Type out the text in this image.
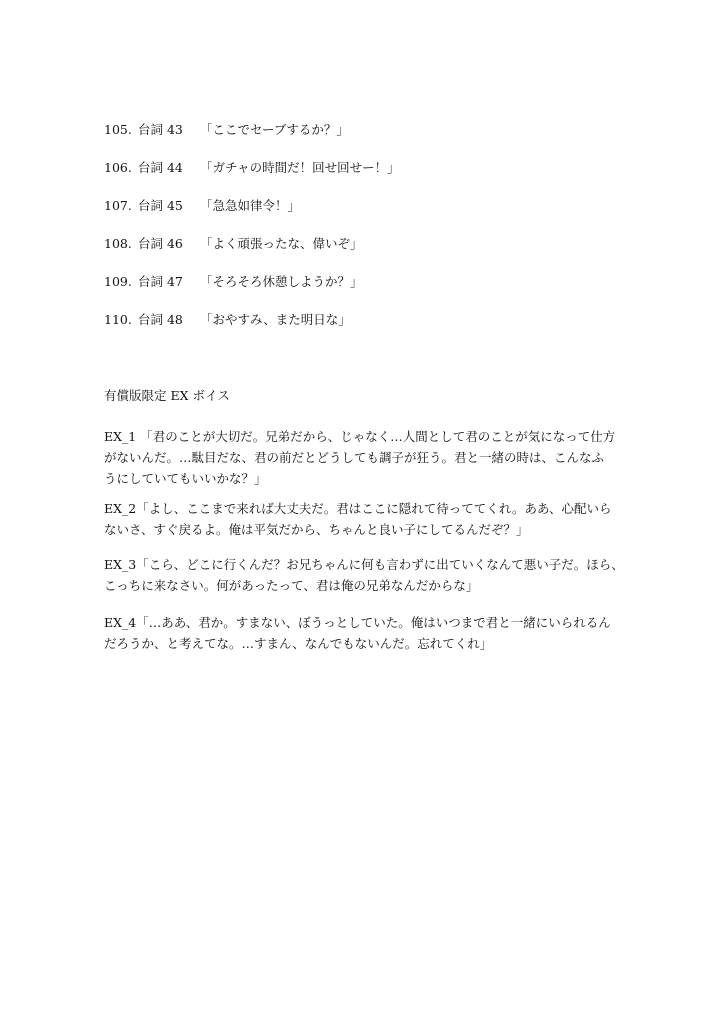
105. 台詞 43	「ここでセーブするか？」
106. 台詞 44	「ガチャの時間だ！回せ回せー！」
107. 台詞 45	「急急如律令！」
108. 台詞 46	「よく頑張ったな、偉いぞ」
109. 台詞 47	「そろそろ休憩しようか？」
110. 台詞 48	「おやすみ、また明日な」
有償版限定 EX ボイス
EX_1 「君のことが大切だ。兄弟だから、じゃなく…人間として君のことが気になって仕方
がないんだ。…駄目だな、君の前だとどうしても調子が狂う。君と一緒の時は、こんなふ
うにしていてもいいかな？」
EX_2「よし、ここまで来れば大丈夫だ。君はここに隠れて待っててくれ。ああ、心配いら
ないさ、すぐ戻るよ。俺は平気だから、ちゃんと良い子にしてるんだぞ？」
EX_3「こら、どこに行くんだ？お兄ちゃんに何も言わずに出ていくなんて悪い子だ。ほら、
こっちに来なさい。何があったって、君は俺の兄弟なんだからな」
EX_4「…ああ、君か。すまない、ぼうっとしていた。俺はいつまで君と一緒にいられるん
だろうか、と考えてな。…すまん、なんでもないんだ。忘れてくれ」
